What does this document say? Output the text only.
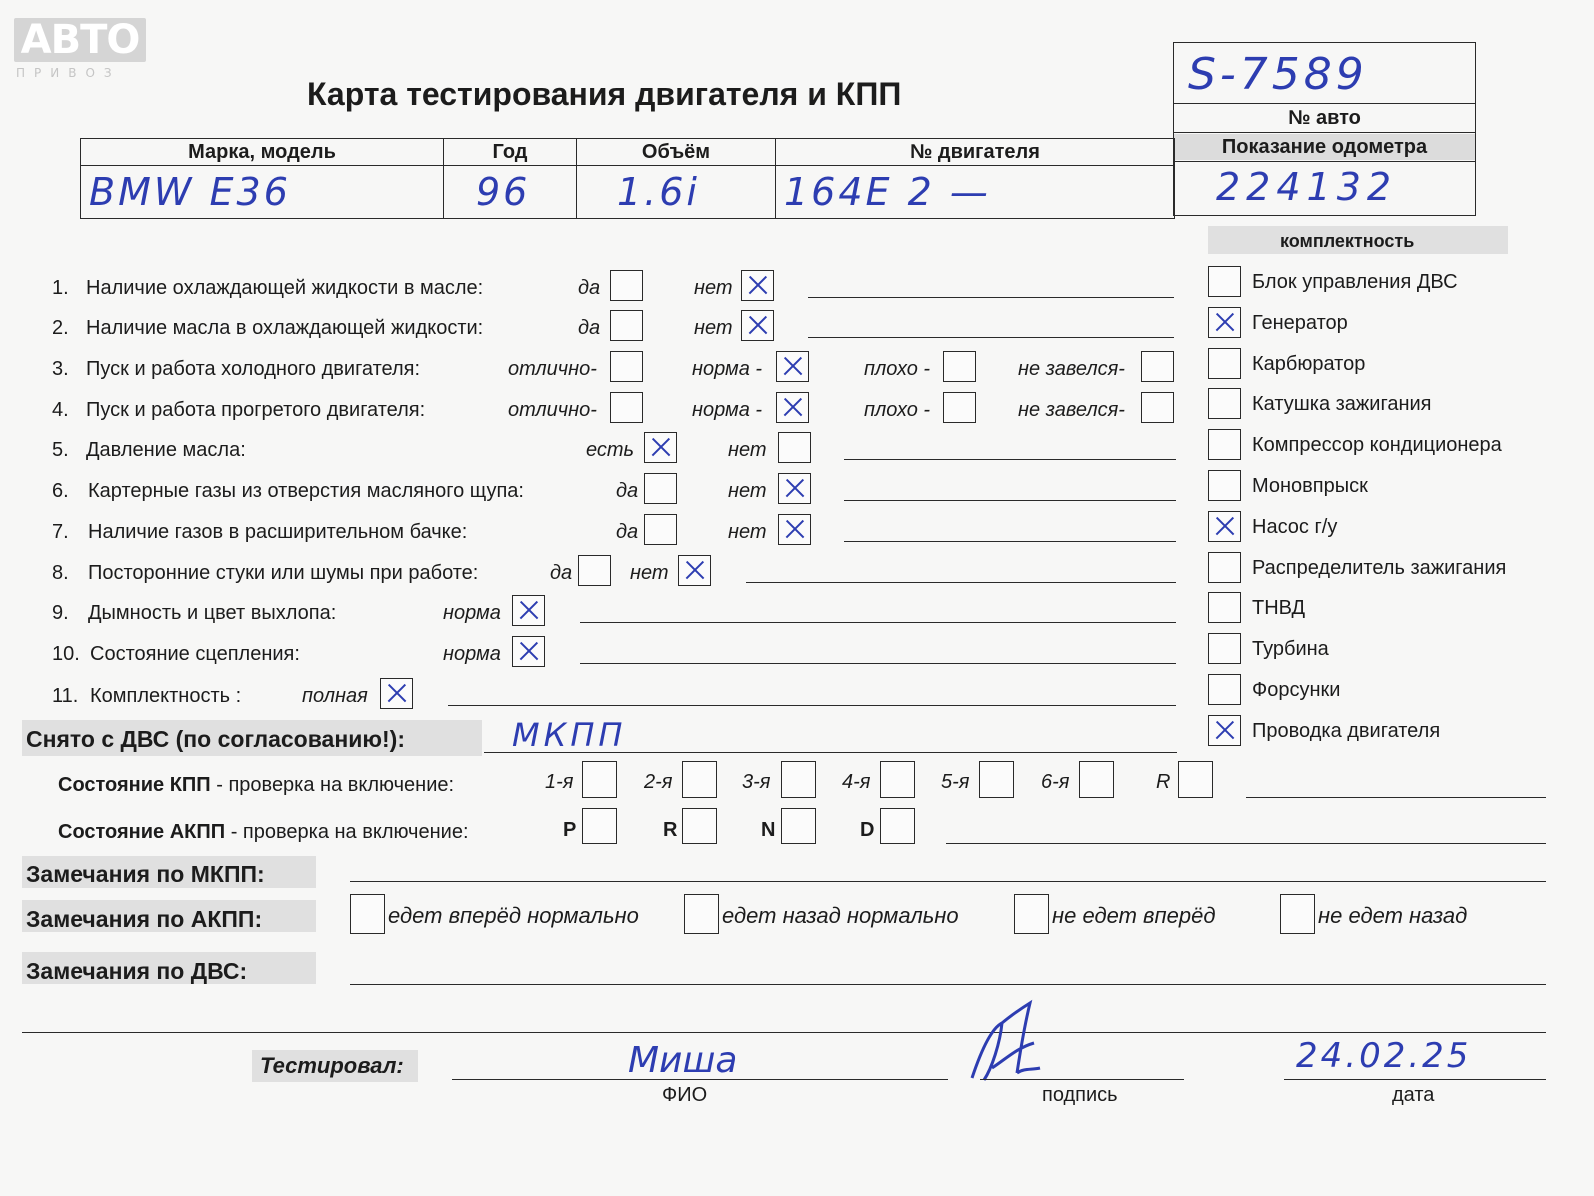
АВТО
ПРИВОЗ
Карта тестирования двигателя и КПП	S-7589
№ авто
Показание одометра
224132
Марка, модель	Год	Объём	№ двигателя

BMW E36	96	1.6i	164E 2 —
1. Наличие охлаждающей жидкости в масле:	да	нет
2. Наличие масла в охлаждающей жидкости:	да	нет
3. Пуск и работа холодного двигателя:	отлично-	норма -	плохо -	не завелся-
4. Пуск и работа прогретого двигателя:	отлично-	норма -	плохо -	не завелся-
5. Давление масла:	есть	нет
6. Картерные газы из отверстия масляного щупа:	да	нет
7. Наличие газов в расширительном бачке:	да	нет
8. Посторонние стуки или шумы при работе:	да	нет
9. Дымность и цвет выхлопа:	норма
10. Состояние сцепления:	норма
11. Комплектность :	полная
комплектность
Блок управления ДВС
Генератор
Карбюратор
Катушка зажигания
Компрессор кондиционера
Моновпрыск
Насос г/у
Распределитель зажигания
ТНВД
Турбина
Форсунки
Проводка двигателя
Снято с ДВС (по согласованию!):	МКПП
Состояние КПП - проверка на включение:	1-я	2-я	3-я	4-я	5-я	6-я	R
Состояние АКПП - проверка на включение:	P	R	N	D
Замечания по МКПП:
Замечания по АКПП:	едет вперёд нормально	едет назад нормально	не едет вперёд	не едет назад
Замечания по ДВС:
Тестировал:	Миша
ФИО	подпись
24.02.25
дата
